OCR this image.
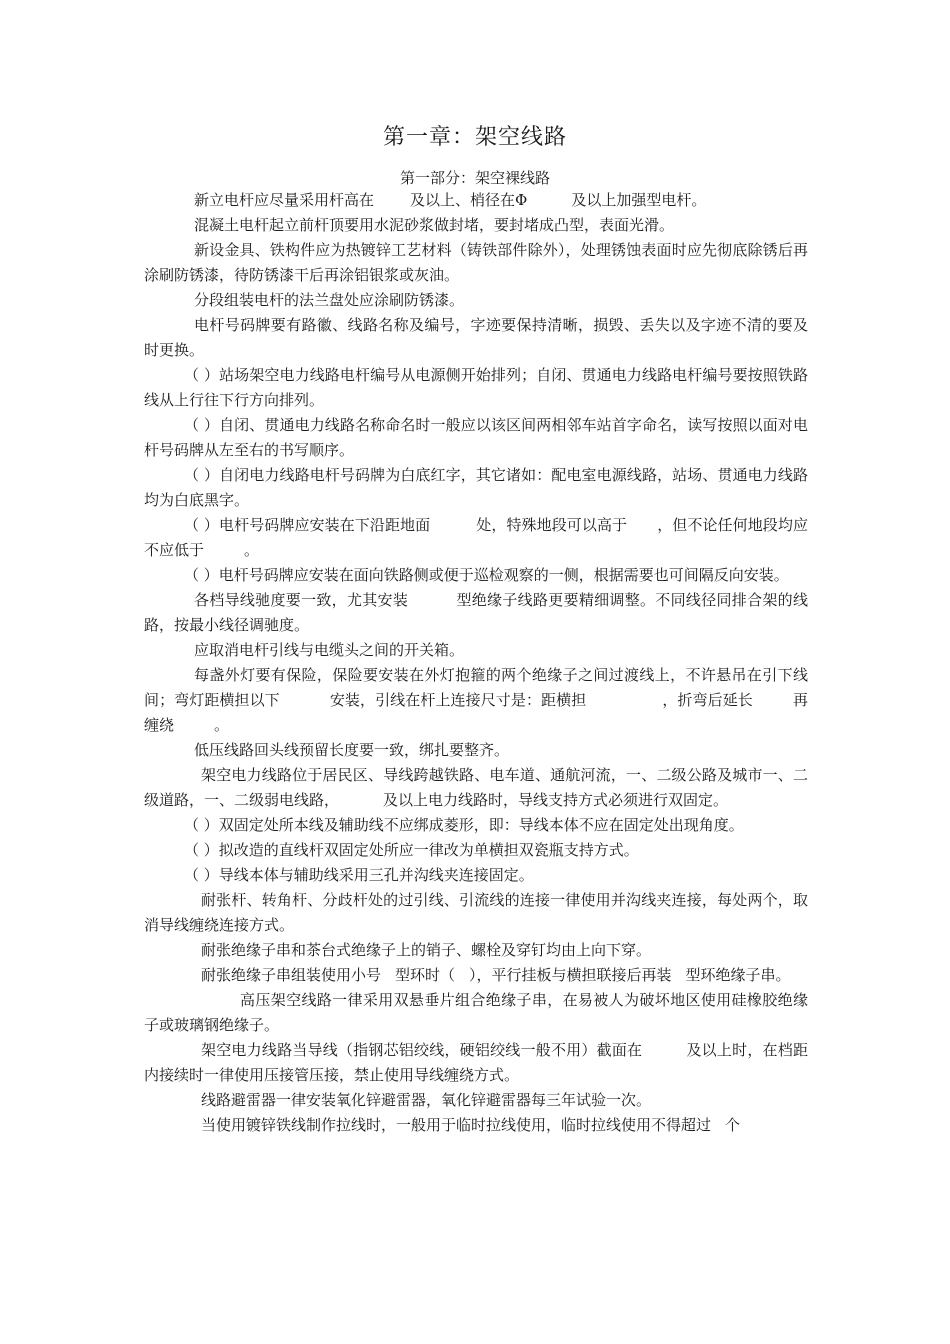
第一章：架空线路
第一部分：架空裸线路

新立电杆应尽量采用杆高在 及以上、梢径在Φ	及以上加强型电杆。

混凝土电杆起立前杆顶要用水泥砂浆做封堵，要封堵成凸型，表面光滑。

新设金具、铁构件应为热镀锌工艺材料（铸铁部件除外），处理锈蚀表面时应先彻底除锈后再涂刷防锈漆，待防锈漆干后再涂铝银浆或灰油。

分段组装电杆的法兰盘处应涂刷防锈漆。

电杆号码牌要有路徽、线路名称及编号，字迹要保持清晰，损毁、丢失以及字迹不清的要及时更换。

（ ）站场架空电力线路电杆编号从电源侧开始排列；自闭、贯通电力线路电杆编号要按照铁路线从上行往下行方向排列。

（ ）自闭、贯通电力线路名称命名时一般应以该区间两相邻车站首字命名，读写按照以面对电杆号码牌从左至右的书写顺序。

（ ）自闭电力线路电杆号码牌为白底红字，其它诸如：配电室电源线路，站场、贯通电力线路均为白底黑字。

（ ）电杆号码牌应安装在下沿距地面	处，特殊地段可以高于 ，但不论任何地段均应不应低于	。

（ ）电杆号码牌应安装在面向铁路侧或便于巡检观察的一侧，根据需要也可间隔反向安装。

各档导线驰度要一致，尤其安装	型绝缘子线路更要精细调整。不同线径同排合架的线路，按最小线径调驰度。

应取消电杆引线与电缆头之间的开关箱。

每盏外灯要有保险，保险要安装在外灯抱箍的两个绝缘子之间过渡线上，不许悬吊在引下线间；弯灯距横担以下	安装，引线在杆上连接尺寸是：距横担	，折弯后延长	再缠绕	。

低压线路回头线预留长度要一致，绑扎要整齐。

架空电力线路位于居民区、导线跨越铁路、电车道、通航河流，一、二级公路及城市一、二级道路，一、二级弱电线路，	及以上电力线路时，导线支持方式必须进行双固定。

（ ）双固定处所本线及辅助线不应绑成菱形，即：导线本体不应在固定处出现角度。

（ ）拟改造的直线杆双固定处所应一律改为单横担双瓷瓶支持方式。

（ ）导线本体与辅助线采用三孔并沟线夹连接固定。

耐张杆、转角杆、分歧杆处的过引线、引流线的连接一律使用并沟线夹连接，每处两个，取消导线缠绕连接方式。

耐张绝缘子串和茶台式绝缘子上的销子、螺栓及穿钉均由上向下穿。

耐张绝缘子串组装使用小号 型环时（ ），平行挂板与横担联接后再装 型环绝缘子串。

高压架空线路一律采用双悬垂片组合绝缘子串，在易被人为破坏地区使用硅橡胶绝缘子或玻璃钢绝缘子。

架空电力线路当导线（指钢芯铝绞线，硬铝绞线一般不用）截面在	及以上时，在档距内接续时一律使用压接管压接，禁止使用导线缠绕方式。

线路避雷器一律安装氧化锌避雷器，氧化锌避雷器每三年试验一次。

当使用镀锌铁线制作拉线时，一般用于临时拉线使用，临时拉线使用不得超过 个
